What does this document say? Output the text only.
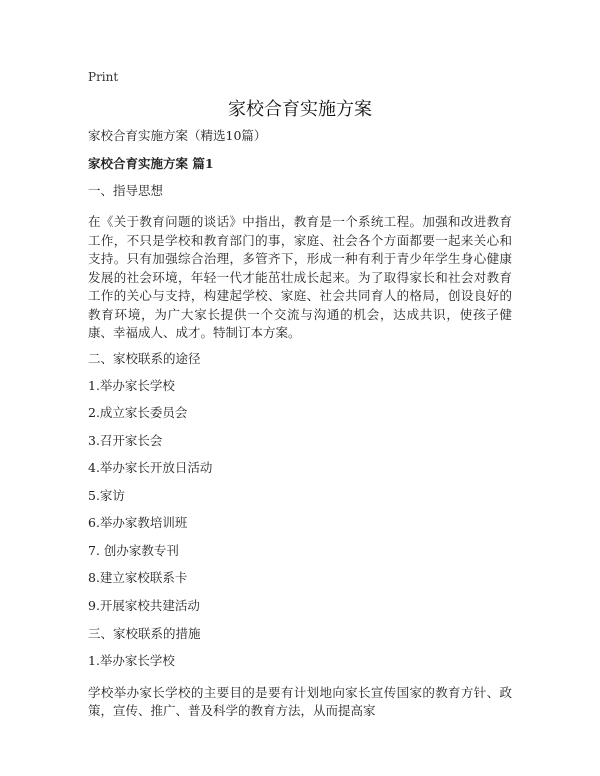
Print
家校合育实施方案

家校合育实施方案（精选10篇）

家校合育实施方案 篇1

一、指导思想

在《关于教育问题的谈话》中指出，教育是一个系统工程。加强和改进教育工作，不只是学校和教育部门的事，家庭、社会各个方面都要一起来关心和支持。只有加强综合治理，多管齐下，形成一种有利于青少年学生身心健康发展的社会环境，年轻一代才能茁壮成长起来。为了取得家长和社会对教育工作的关心与支持，构建起学校、家庭、社会共同育人的格局，创设良好的教育环境，为广大家长提供一个交流与沟通的机会，达成共识，使孩子健康、幸福成人、成才。特制订本方案。

二、家校联系的途径

1.举办家长学校

2.成立家长委员会

3.召开家长会

4.举办家长开放日活动

5.家访

6.举办家教培训班

7. 创办家教专刊

8.建立家校联系卡

9.开展家校共建活动

三、家校联系的措施

1.举办家长学校

学校举办家长学校的主要目的是要有计划地向家长宣传国家的教育方针、政策，宣传、推广、普及科学的教育方法，从而提高家
